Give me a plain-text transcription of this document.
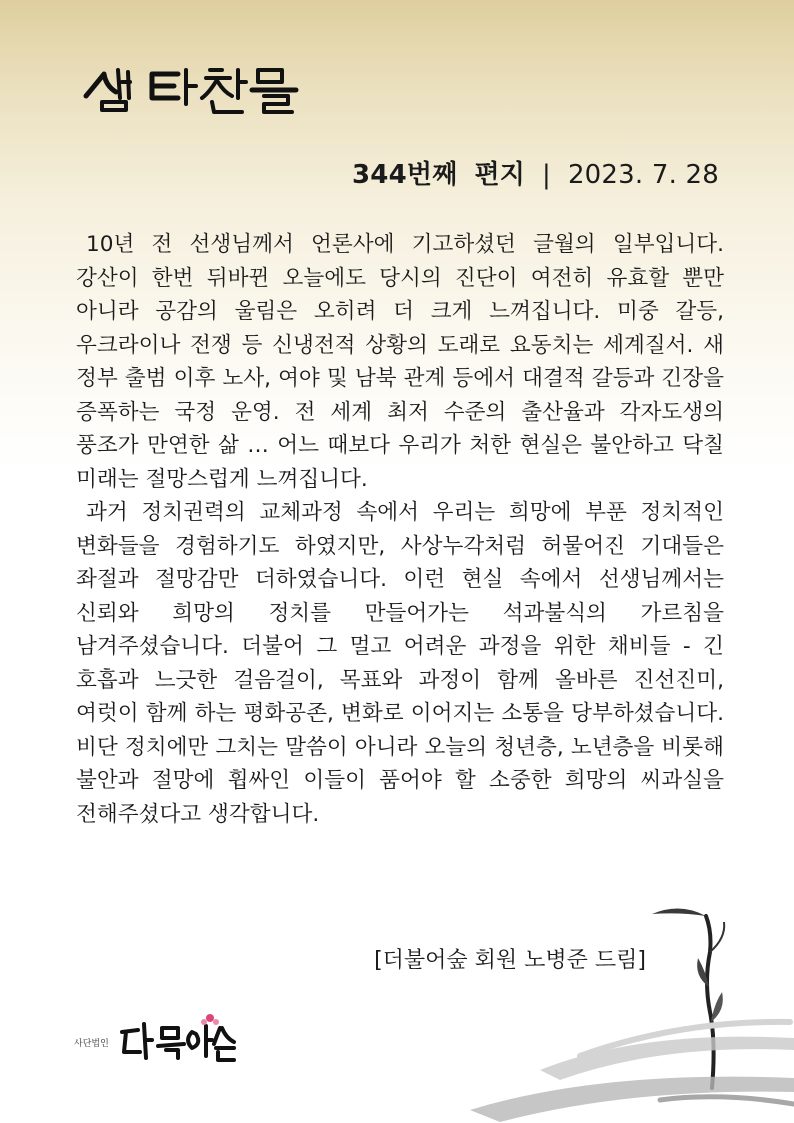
344번째 편지 | 2023. 7. 28

10년 전 선생님께서 언론사에 기고하셨던 글월의 일부입니다. 강산이 한번 뒤바뀐 오늘에도 당시의 진단이 여전히 유효할 뿐만 아니라 공감의 울림은 오히려 더 크게 느껴집니다. 미중 갈등, 우크라이나 전쟁 등 신냉전적 상황의 도래로 요동치는 세계질서. 새 정부 출범 이후 노사, 여야 및 남북 관계 등에서 대결적 갈등과 긴장을 증폭하는 국정 운영. 전 세계 최저 수준의 출산율과 각자도생의 풍조가 만연한 삶 … 어느 때보다 우리가 처한 현실은 불안하고 닥칠 미래는 절망스럽게 느껴집니다.

과거 정치권력의 교체과정 속에서 우리는 희망에 부푼 정치적인 변화들을 경험하기도 하였지만, 사상누각처럼 허물어진 기대들은 좌절과 절망감만 더하였습니다. 이런 현실 속에서 선생님께서는 신뢰와 희망의 정치를 만들어가는 석과불식의 가르침을 남겨주셨습니다. 더불어 그 멀고 어려운 과정을 위한 채비들 - 긴 호흡과 느긋한 걸음걸이, 목표와 과정이 함께 올바른 진선진미, 여럿이 함께 하는 평화공존, 변화로 이어지는 소통을 당부하셨습니다. 비단 정치에만 그치는 말씀이 아니라 오늘의 청년층, 노년층을 비롯해 불안과 절망에 휩싸인 이들이 품어야 할 소중한 희망의 씨과실을 전해주셨다고 생각합니다.

[더불어숲 회원 노병준 드림]
사단법인
